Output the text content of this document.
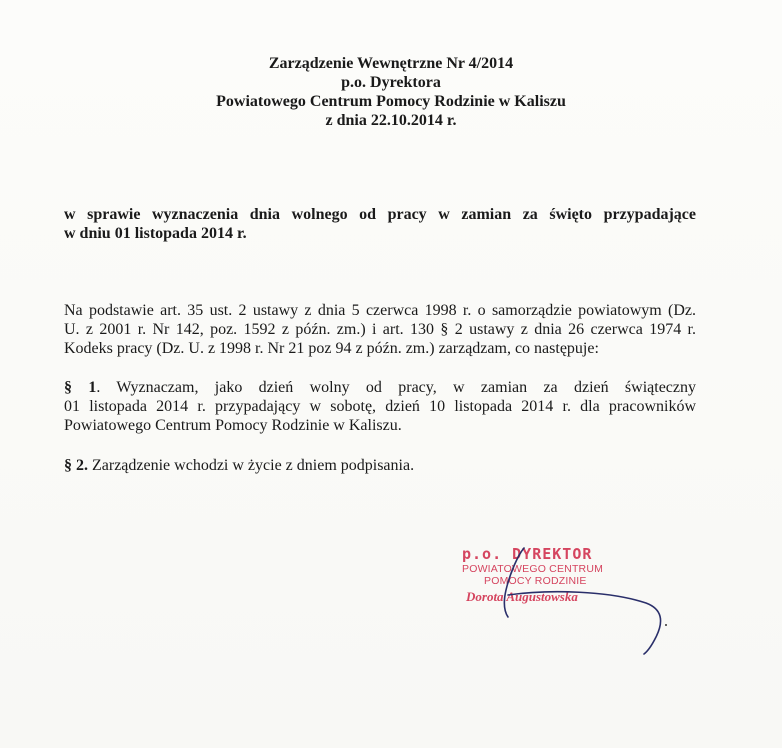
Zarządzenie Wewnętrzne Nr 4/2014
p.o. Dyrektora
Powiatowego Centrum Pomocy Rodzinie w Kaliszu
z dnia 22.10.2014 r.
w sprawie wyznaczenia dnia wolnego od pracy w zamian za święto przypadające
w dniu 01 listopada 2014 r.
Na podstawie art. 35 ust. 2 ustawy z dnia 5 czerwca 1998 r. o samorządzie powiatowym (Dz.
U. z 2001 r. Nr 142, poz. 1592 z późn. zm.) i art. 130 § 2 ustawy z dnia 26 czerwca 1974 r.
Kodeks pracy (Dz. U. z 1998 r. Nr 21 poz 94 z późn. zm.) zarządzam, co następuje:
§ 1. Wyznaczam, jako dzień wolny od pracy, w zamian za dzień świąteczny
01 listopada 2014 r. przypadający w sobotę, dzień 10 listopada 2014 r. dla pracowników
Powiatowego Centrum Pomocy Rodzinie w Kaliszu.
§ 2. Zarządzenie wchodzi w życie z dniem podpisania.
p.o. DYREKTOR
POWIATOWEGO CENTRUM
POMOCY RODZINIE
Dorota Augustowska
